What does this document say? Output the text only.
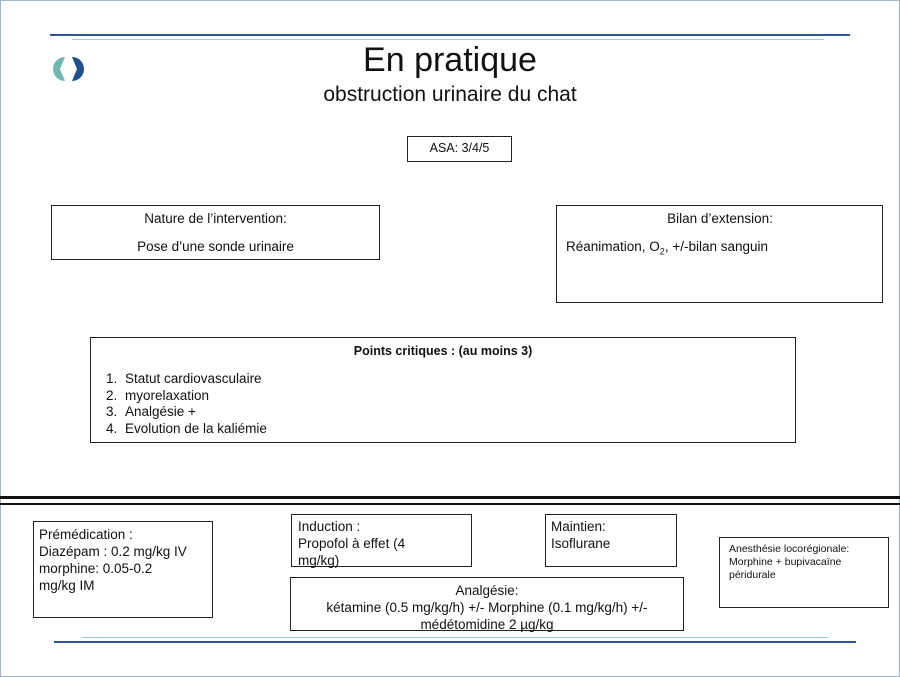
En pratique
obstruction urinaire du chat
ASA: 3/4/5
Nature de l’intervention:
Pose d’une sonde urinaire
Bilan d’extension:
Réanimation, $O_2$, +/-bilan sanguin
Points critiques : (au moins 3)
1. Statut cardiovasculaire
2. myorelaxation
3. Analgésie +
4. Evolution de la kaliémie
Prémédication :
Diazépam : 0.2 mg/kg IV
morphine: 0.05-0.2
mg/kg IM
Induction :
Propofol à effet (4
mg/kg)
Maintien:
Isoflurane
Analgésie:
kétamine (0.5 mg/kg/h) +/- Morphine (0.1 mg/kg/h) +/-
médétomidine 2 µg/kg
Anesthésie locorégionale:
Morphine + bupivacaïne
péridurale
